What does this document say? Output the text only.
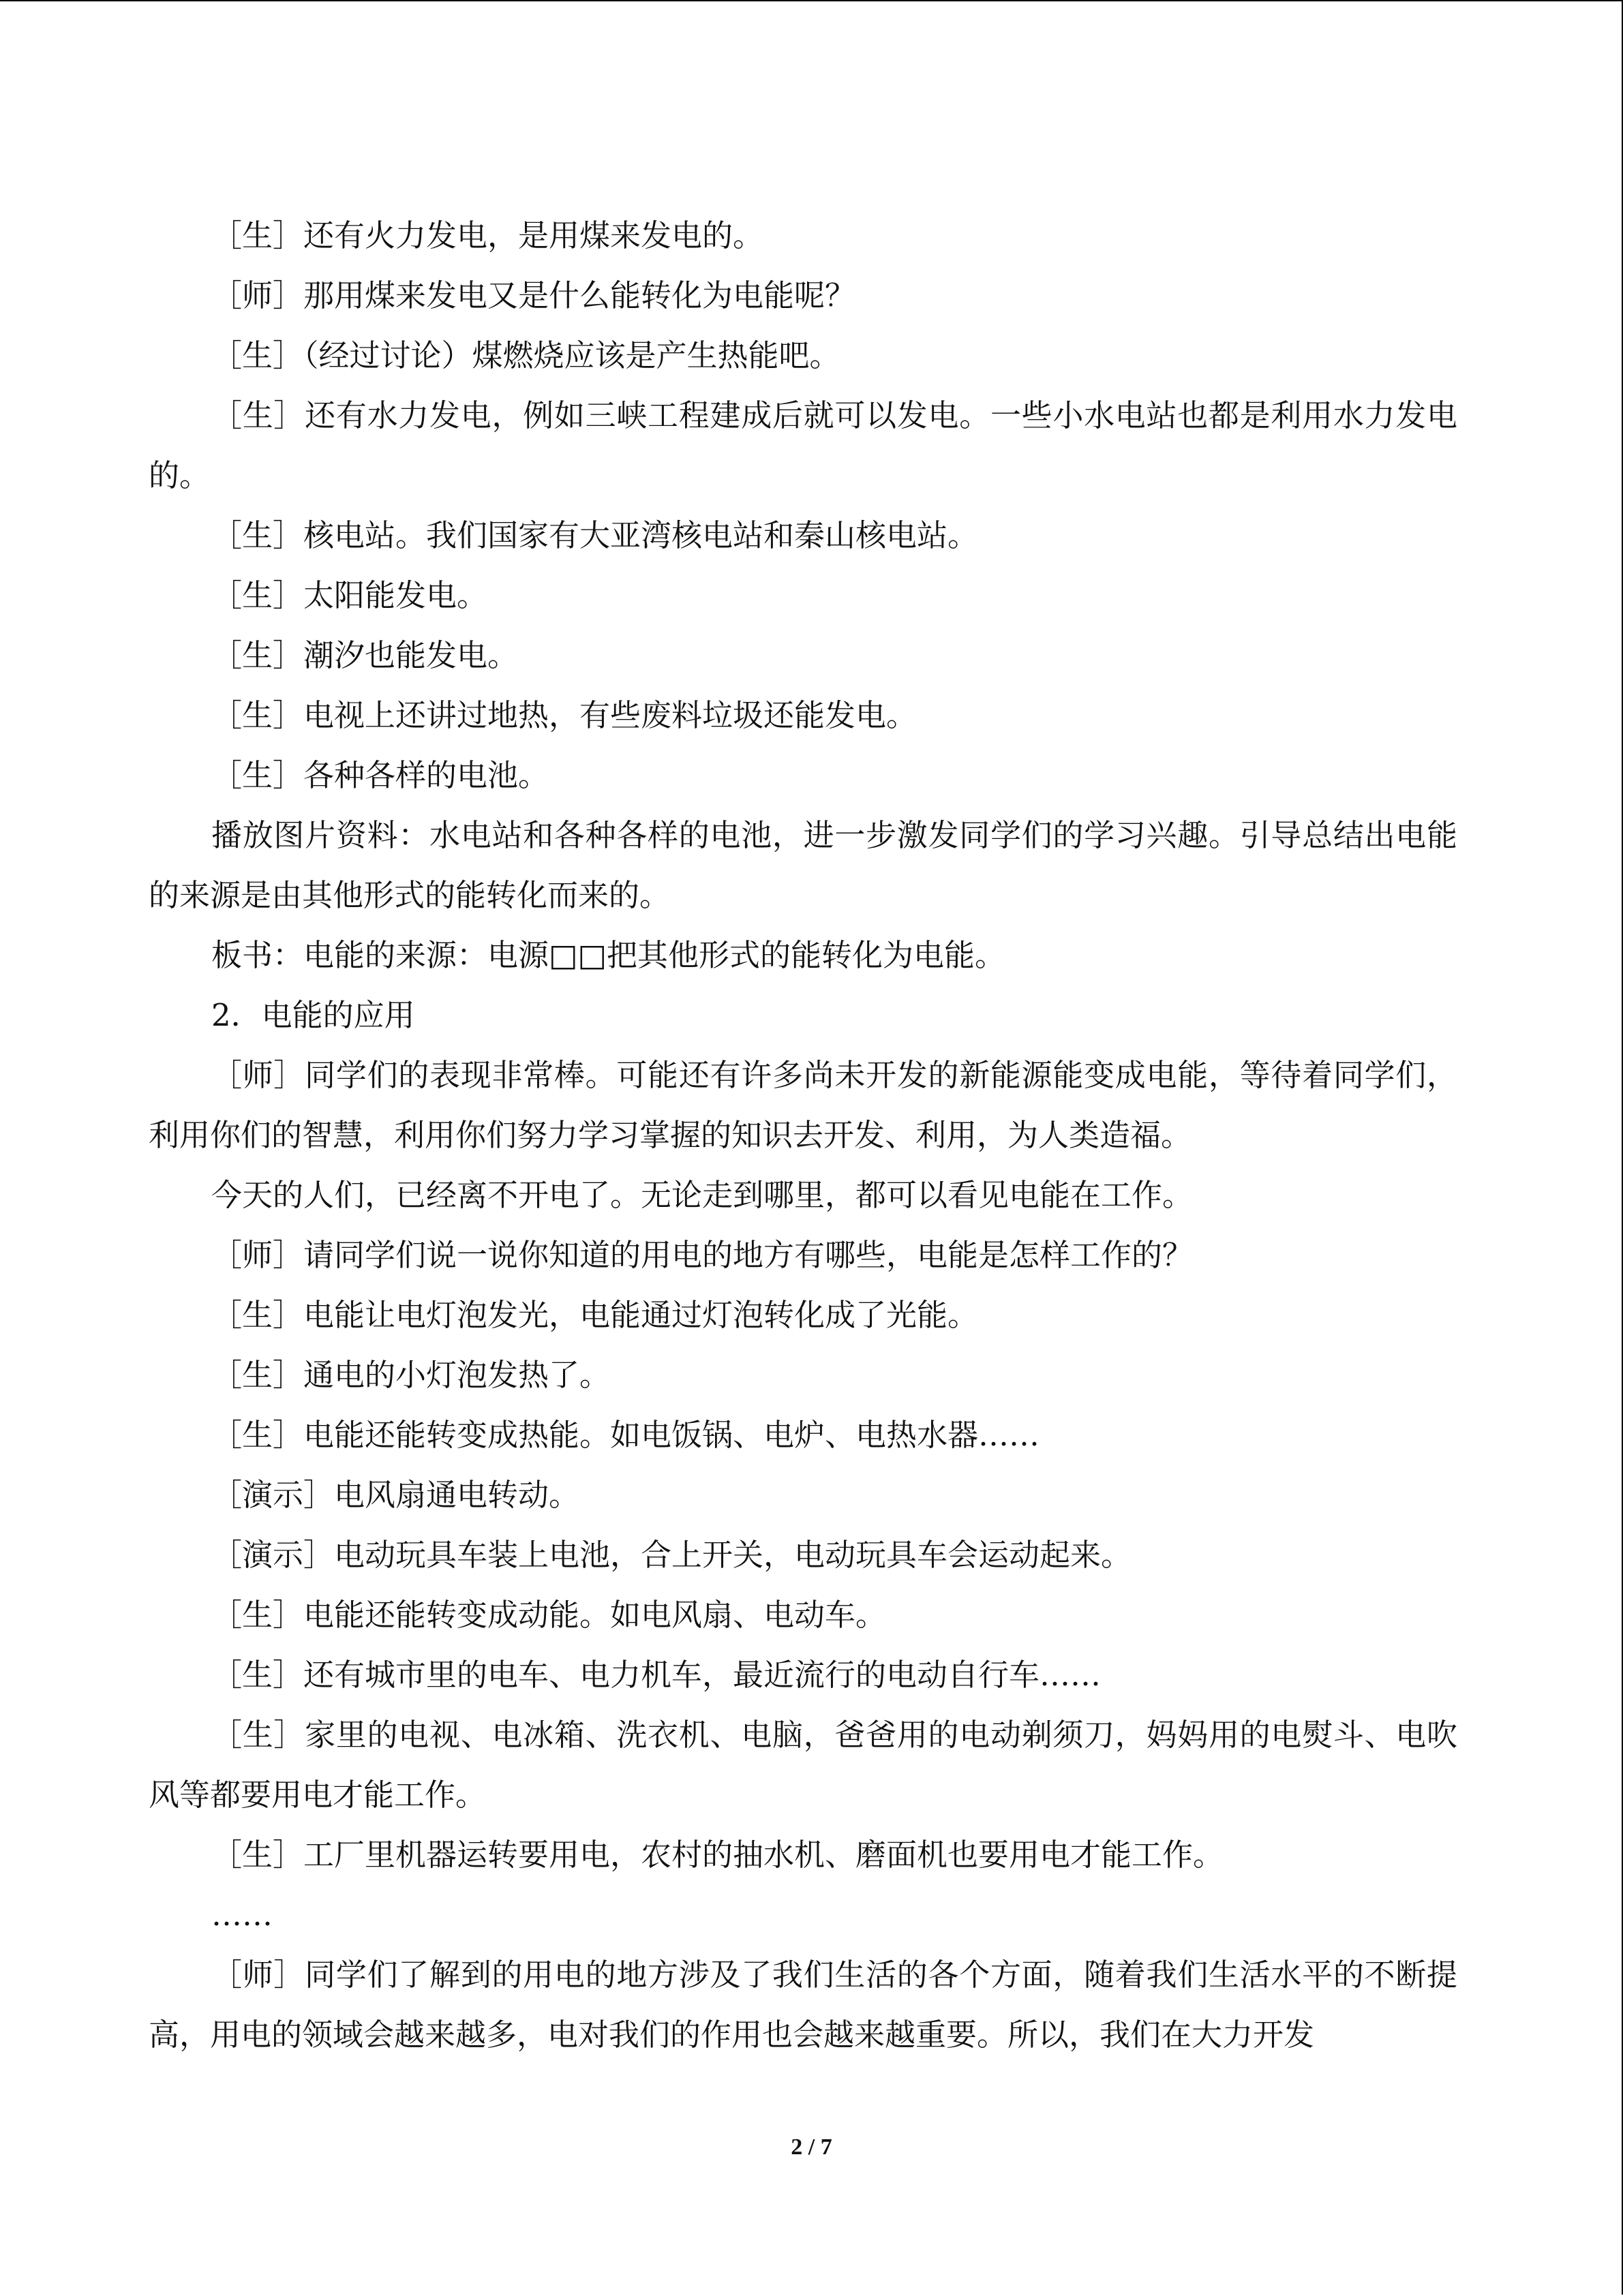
［生］还有火力发电，是用煤来发电的。

［师］那用煤来发电又是什么能转化为电能呢？

［生］（经过讨论）煤燃烧应该是产生热能吧。

［生］还有水力发电，例如三峡工程建成后就可以发电。一些小水电站也都是利用水力发电的。

［生］核电站。我们国家有大亚湾核电站和秦山核电站。

［生］太阳能发电。

［生］潮汐也能发电。

［生］电视上还讲过地热，有些废料垃圾还能发电。

［生］各种各样的电池。

播放图片资料：水电站和各种各样的电池，进一步激发同学们的学习兴趣。引导总结出电能的来源是由其他形式的能转化而来的。

板书：电能的来源：电源□□把其他形式的能转化为电能。

2．电能的应用

［师］同学们的表现非常棒。可能还有许多尚未开发的新能源能变成电能，等待着同学们，利用你们的智慧，利用你们努力学习掌握的知识去开发、利用，为人类造福。

今天的人们，已经离不开电了。无论走到哪里，都可以看见电能在工作。

［师］请同学们说一说你知道的用电的地方有哪些，电能是怎样工作的？

［生］电能让电灯泡发光，电能通过灯泡转化成了光能。

［生］通电的小灯泡发热了。

［生］电能还能转变成热能。如电饭锅、电炉、电热水器……

［演示］电风扇通电转动。

［演示］电动玩具车装上电池，合上开关，电动玩具车会运动起来。

［生］电能还能转变成动能。如电风扇、电动车。

［生］还有城市里的电车、电力机车，最近流行的电动自行车……

［生］家里的电视、电冰箱、洗衣机、电脑，爸爸用的电动剃须刀，妈妈用的电熨斗、电吹风等都要用电才能工作。

［生］工厂里机器运转要用电，农村的抽水机、磨面机也要用电才能工作。

……

［师］同学们了解到的用电的地方涉及了我们生活的各个方面，随着我们生活水平的不断提高，用电的领域会越来越多，电对我们的作用也会越来越重要。所以，我们在大力开发

2 / 7
